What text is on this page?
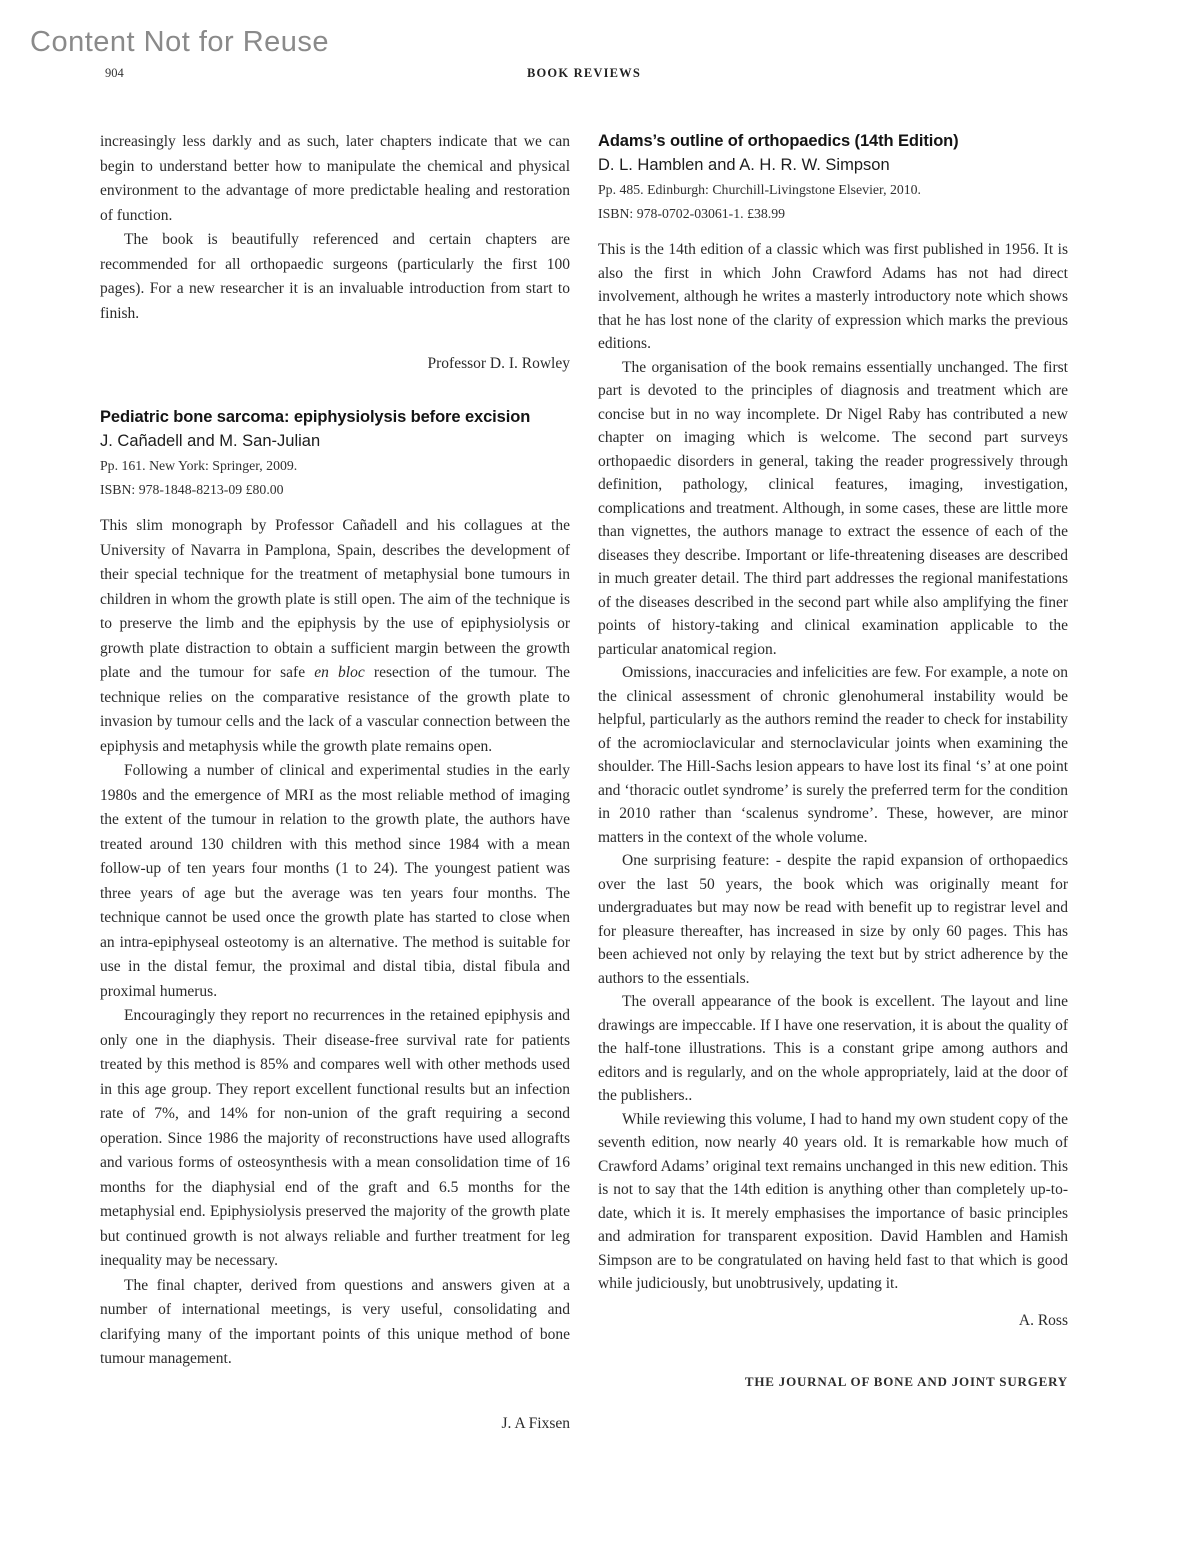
Content Not for Reuse
904	BOOK REVIEWS

increasingly less darkly and as such, later chapters indicate that we can begin to understand better how to manipulate the chemical and physical environment to the advantage of more predictable healing and restoration of function.

The book is beautifully referenced and certain chapters are recommended for all orthopaedic surgeons (particularly the first 100 pages). For a new researcher it is an invaluable introduction from start to finish.

Professor D. I. Rowley
Pediatric bone sarcoma: epiphysiolysis before excision
J. Cañadell and M. San-Julian
Pp. 161. New York: Springer, 2009.
ISBN: 978-1848-8213-09 £80.00

This slim monograph by Professor Cañadell and his collagues at the University of Navarra in Pamplona, Spain, describes the development of their special technique for the treatment of metaphysial bone tumours in children in whom the growth plate is still open. The aim of the technique is to preserve the limb and the epiphysis by the use of epiphysiolysis or growth plate distraction to obtain a sufficient margin between the growth plate and the tumour for safe en bloc resection of the tumour. The technique relies on the comparative resistance of the growth plate to invasion by tumour cells and the lack of a vascular connection between the epiphysis and metaphysis while the growth plate remains open.

Following a number of clinical and experimental studies in the early 1980s and the emergence of MRI as the most reliable method of imaging the extent of the tumour in relation to the growth plate, the authors have treated around 130 children with this method since 1984 with a mean follow-up of ten years four months (1 to 24). The youngest patient was three years of age but the average was ten years four months. The technique cannot be used once the growth plate has started to close when an intra-epiphyseal osteotomy is an alternative. The method is suitable for use in the distal femur, the proximal and distal tibia, distal fibula and proximal humerus.

Encouragingly they report no recurrences in the retained epiphysis and only one in the diaphysis. Their disease-free survival rate for patients treated by this method is 85% and compares well with other methods used in this age group. They report excellent functional results but an infection rate of 7%, and 14% for non-union of the graft requiring a second operation. Since 1986 the majority of reconstructions have used allografts and various forms of osteosynthesis with a mean consolidation time of 16 months for the diaphysial end of the graft and 6.5 months for the metaphysial end. Epiphysiolysis preserved the majority of the growth plate but continued growth is not always reliable and further treatment for leg inequality may be necessary.

The final chapter, derived from questions and answers given at a number of international meetings, is very useful, consolidating and clarifying many of the important points of this unique method of bone tumour management.

J. A Fixsen
Adams’s outline of orthopaedics (14th Edition)
D. L. Hamblen and A. H. R. W. Simpson
Pp. 485. Edinburgh: Churchill-Livingstone Elsevier, 2010.
ISBN: 978-0702-03061-1. £38.99

This is the 14th edition of a classic which was first published in 1956. It is also the first in which John Crawford Adams has not had direct involvement, although he writes a masterly introductory note which shows that he has lost none of the clarity of expression which marks the previous editions.

The organisation of the book remains essentially unchanged. The first part is devoted to the principles of diagnosis and treatment which are concise but in no way incomplete. Dr Nigel Raby has contributed a new chapter on imaging which is welcome. The second part surveys orthopaedic disorders in general, taking the reader progressively through definition, pathology, clinical features, imaging, investigation, complications and treatment. Although, in some cases, these are little more than vignettes, the authors manage to extract the essence of each of the diseases they describe. Important or life-threatening diseases are described in much greater detail. The third part addresses the regional manifestations of the diseases described in the second part while also amplifying the finer points of history-taking and clinical examination applicable to the particular anatomical region.

Omissions, inaccuracies and infelicities are few. For example, a note on the clinical assessment of chronic glenohumeral instability would be helpful, particularly as the authors remind the reader to check for instability of the acromioclavicular and sternoclavicular joints when examining the shoulder. The Hill-Sachs lesion appears to have lost its final ‘s’ at one point and ‘thoracic outlet syndrome’ is surely the preferred term for the condition in 2010 rather than ‘scalenus syndrome’. These, however, are minor matters in the context of the whole volume.

One surprising feature: - despite the rapid expansion of orthopaedics over the last 50 years, the book which was originally meant for undergraduates but may now be read with benefit up to registrar level and for pleasure thereafter, has increased in size by only 60 pages. This has been achieved not only by relaying the text but by strict adherence by the authors to the essentials.

The overall appearance of the book is excellent. The layout and line drawings are impeccable. If I have one reservation, it is about the quality of the half-tone illustrations. This is a constant gripe among authors and editors and is regularly, and on the whole appropriately, laid at the door of the publishers..

While reviewing this volume, I had to hand my own student copy of the seventh edition, now nearly 40 years old. It is remarkable how much of Crawford Adams’ original text remains unchanged in this new edition. This is not to say that the 14th edition is anything other than completely up-to-date, which it is. It merely emphasises the importance of basic principles and admiration for transparent exposition. David Hamblen and Hamish Simpson are to be congratulated on having held fast to that which is good while judiciously, but unobtrusively, updating it.

A. Ross
THE JOURNAL OF BONE AND JOINT SURGERY
